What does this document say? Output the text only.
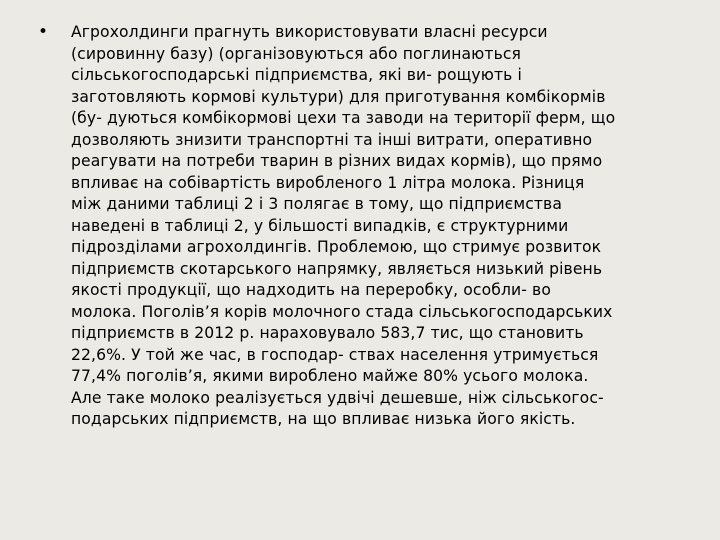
• Агрохолдинги прагнуть використовувати власні ресурси
(сировинну базу) (організовуються або поглинаються
сільськогосподарські підприємства, які ви- рощують і
заготовляють кормові культури) для приготування комбікормів
(бу- дуються комбікормові цехи та заводи на території ферм, що
дозволяють знизити транспортні та інші витрати, оперативно
реагувати на потреби тварин в різних видах кормів), що прямо
впливає на собівартість виробленого 1 літра молока. Різниця
між даними таблиці 2 і 3 полягає в тому, що підприємства
наведені в таблиці 2, у більшості випадків, є структурними
підрозділами агрохолдингів. Проблемою, що стримує розвиток
підприємств скотарського напрямку, являється низький рівень
якості продукції, що надходить на переробку, особли- во
молока. Поголів’я корів молочного стада сільськогосподарських
підприємств в 2012 р. нараховувало 583,7 тис, що становить
22,6%. У той же час, в господар- ствах населення утримується
77,4% поголів’я, якими вироблено майже 80% усього молока.
Але таке молоко реалізується удвічі дешевше, ніж сільськогос-
подарських підприємств, на що впливає низька його якість.
